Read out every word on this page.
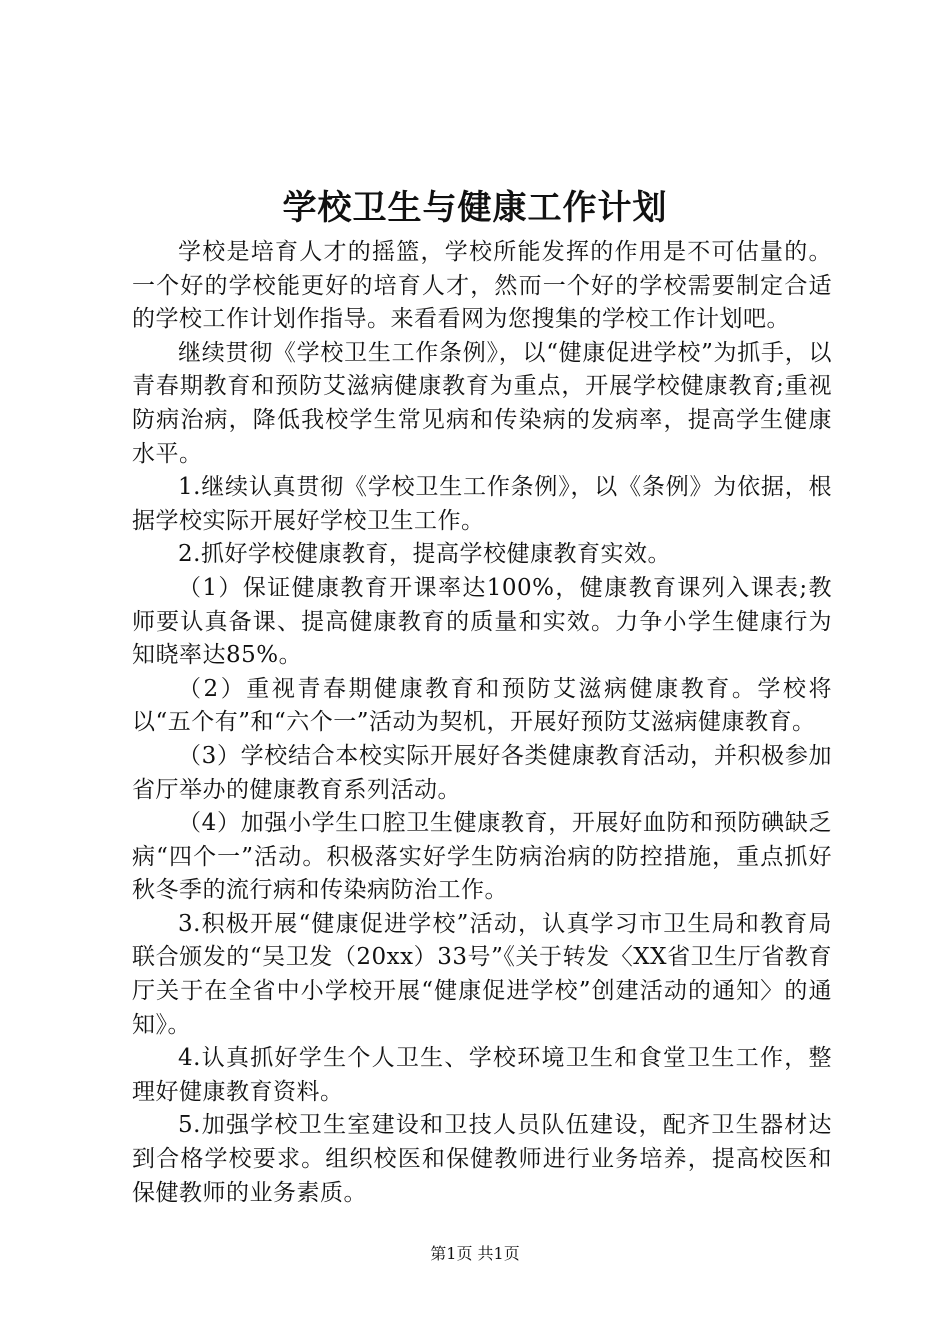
学校卫生与健康工作计划

学校是培育人才的摇篮，学校所能发挥的作用是不可估量的。一个好的学校能更好的培育人才，然而一个好的学校需要制定合适的学校工作计划作指导。来看看网为您搜集的学校工作计划吧。

继续贯彻《学校卫生工作条例》，以“健康促进学校”为抓手，以青春期教育和预防艾滋病健康教育为重点，开展学校健康教育;重视防病治病，降低我校学生常见病和传染病的发病率，提高学生健康水平。

1.继续认真贯彻《学校卫生工作条例》，以《条例》为依据，根据学校实际开展好学校卫生工作。

2.抓好学校健康教育，提高学校健康教育实效。

（1）保证健康教育开课率达100%，健康教育课列入课表;教师要认真备课、提高健康教育的质量和实效。力争小学生健康行为知晓率达85%。

（2）重视青春期健康教育和预防艾滋病健康教育。学校将以“五个有”和“六个一”活动为契机，开展好预防艾滋病健康教育。

（3）学校结合本校实际开展好各类健康教育活动，并积极参加省厅举办的健康教育系列活动。

（4）加强小学生口腔卫生健康教育，开展好血防和预防碘缺乏病“四个一”活动。积极落实好学生防病治病的防控措施，重点抓好秋冬季的流行病和传染病防治工作。

3.积极开展“健康促进学校”活动，认真学习市卫生局和教育局联合颁发的“吴卫发（20xx）33号”《关于转发〈XX省卫生厅省教育厅关于在全省中小学校开展“健康促进学校”创建活动的通知〉的通知》。

4.认真抓好学生个人卫生、学校环境卫生和食堂卫生工作，整理好健康教育资料。

5.加强学校卫生室建设和卫技人员队伍建设，配齐卫生器材达到合格学校要求。组织校医和保健教师进行业务培养，提高校医和保健教师的业务素质。

第1页 共1页
